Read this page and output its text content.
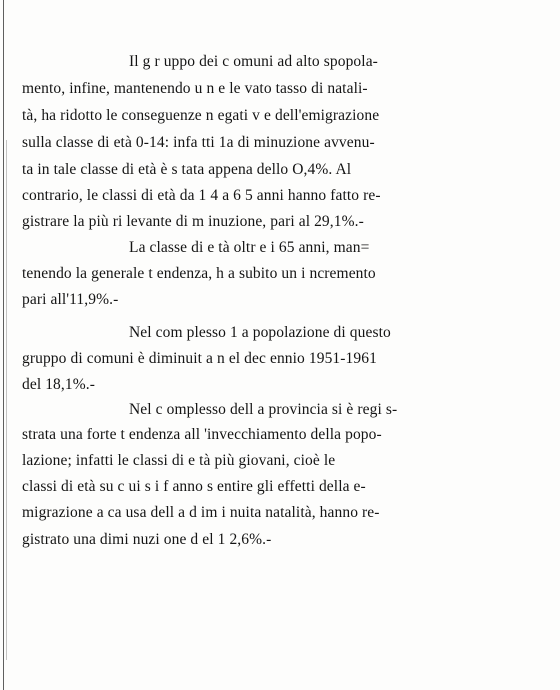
Il g r uppo dei c omuni ad alto spopola-
mento, infine, mantenendo u n e le vato tasso di natali-
tà, ha ridotto le conseguenze n egati v e dell'emigrazione
sulla classe di età 0-14: infa tti 1a di minuzione avvenu-
ta in tale classe di età è s tata appena dello O,4%. Al
contrario, le classi di età da 1 4 a 6 5 anni hanno fatto re-
gistrare la più ri levante di m inuzione, pari al 29,1%.-
La classe di e tà oltr e i 65 anni, man=
tenendo la generale t endenza, h a subito un i ncremento
pari all'11,9%.-
Nel com plesso 1 a popolazione di questo
gruppo di comuni è diminuit a n el dec ennio 1951-1961
del 18,1%.-
Nel c omplesso dell a provincia si è regi s-
strata una forte t endenza all 'invecchiamento della popo-
lazione; infatti le classi di e tà più giovani, cioè le
classi di età su c ui s i f anno s entire gli effetti della e-
migrazione a ca usa dell a d im i nuita natalità, hanno re-
gistrato una dimi nuzi one d el 1 2,6%.-
